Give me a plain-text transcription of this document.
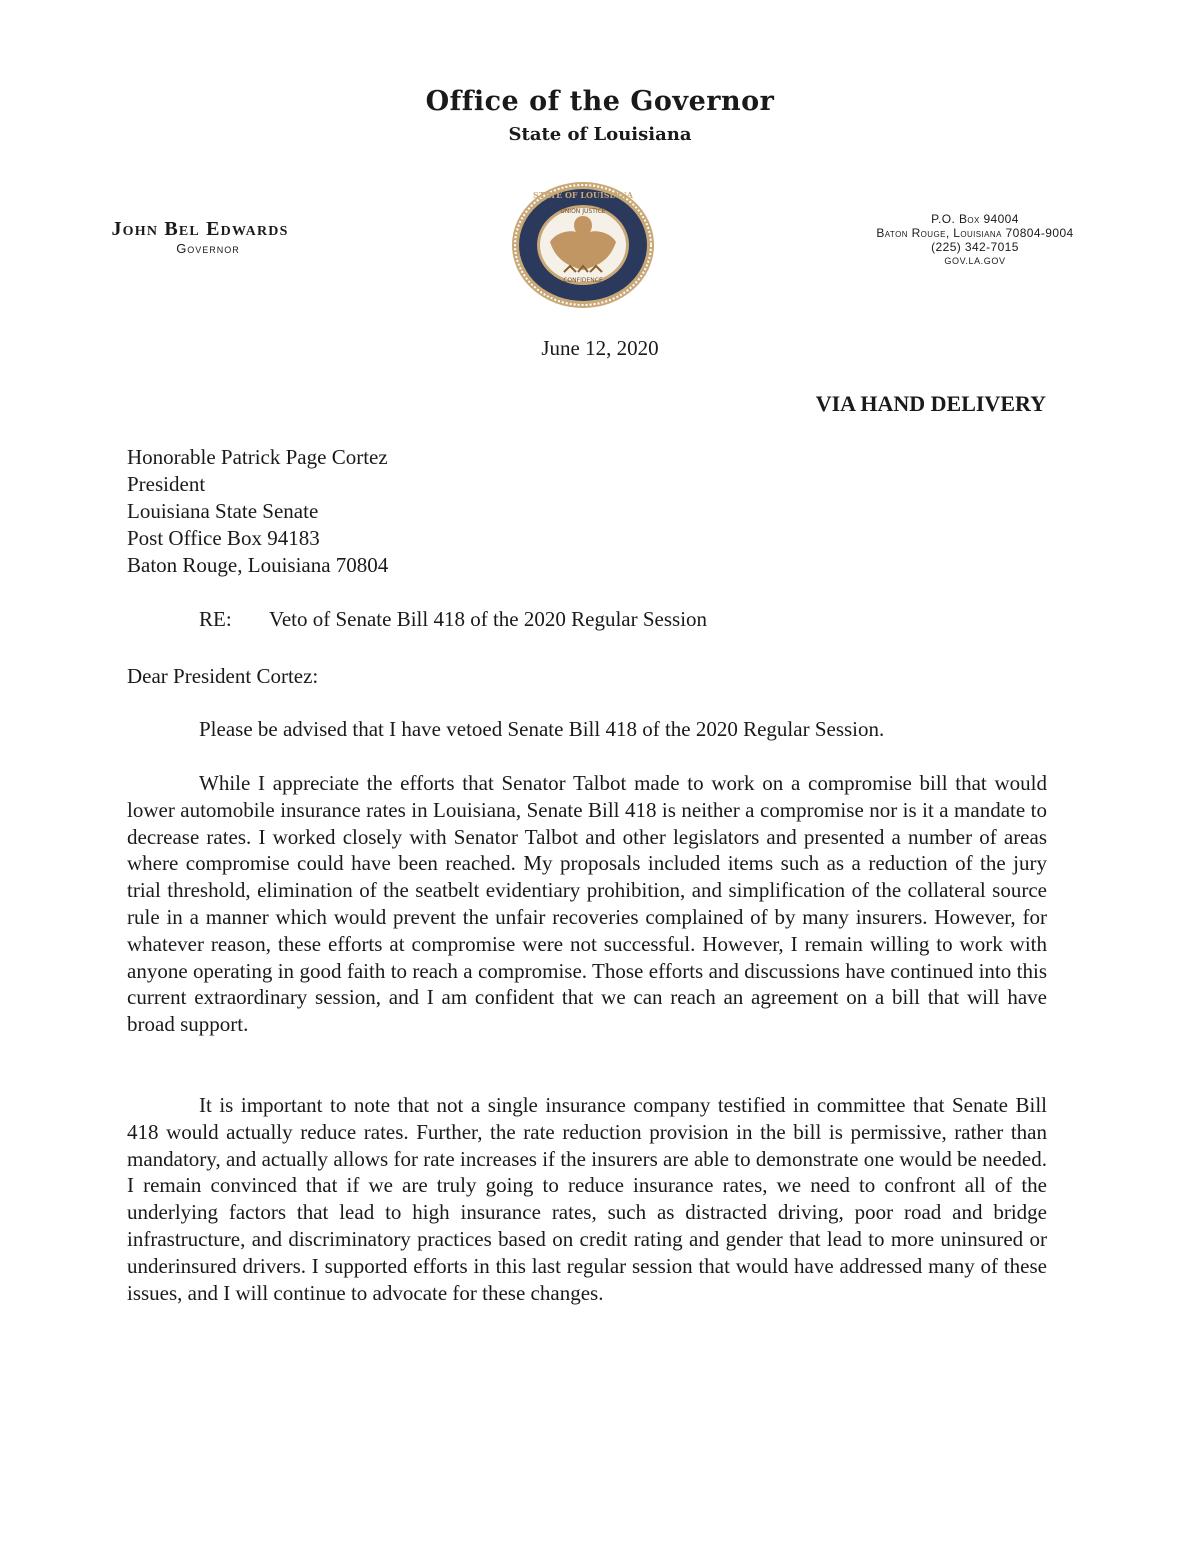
Office of the Governor
State of Louisiana
John Bel Edwards
Governor
UNION JUSTICE
CONFIDENCE
STATE OF LOUISIANA
P.O. Box 94004
Baton Rouge, Louisiana 70804-9004
(225) 342-7015
GOV.LA.GOV
June 12, 2020
VIA HAND DELIVERY
Honorable Patrick Page Cortez
President
Louisiana State Senate
Post Office Box 94183
Baton Rouge, Louisiana 70804
RE: Veto of Senate Bill 418 of the 2020 Regular Session
Dear President Cortez:
Please be advised that I have vetoed Senate Bill 418 of the 2020 Regular Session.
While I appreciate the efforts that Senator Talbot made to work on a compromise bill that would lower automobile insurance rates in Louisiana, Senate Bill 418 is neither a compromise nor is it a mandate to decrease rates. I worked closely with Senator Talbot and other legislators and presented a number of areas where compromise could have been reached. My proposals included items such as a reduction of the jury trial threshold, elimination of the seatbelt evidentiary prohibition, and simplification of the collateral source rule in a manner which would prevent the unfair recoveries complained of by many insurers. However, for whatever reason, these efforts at compromise were not successful. However, I remain willing to work with anyone operating in good faith to reach a compromise. Those efforts and discussions have continued into this current extraordinary session, and I am confident that we can reach an agreement on a bill that will have broad support.
It is important to note that not a single insurance company testified in committee that Senate Bill 418 would actually reduce rates. Further, the rate reduction provision in the bill is permissive, rather than mandatory, and actually allows for rate increases if the insurers are able to demonstrate one would be needed. I remain convinced that if we are truly going to reduce insurance rates, we need to confront all of the underlying factors that lead to high insurance rates, such as distracted driving, poor road and bridge infrastructure, and discriminatory practices based on credit rating and gender that lead to more uninsured or underinsured drivers. I supported efforts in this last regular session that would have addressed many of these issues, and I will continue to advocate for these changes.
